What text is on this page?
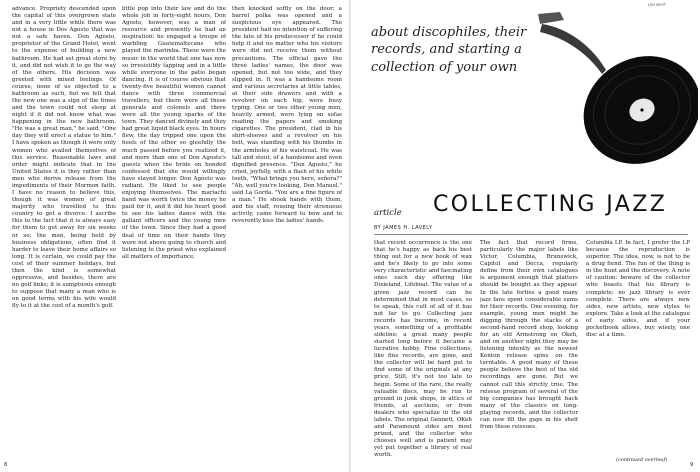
advance. Propriety descended upon the capital of this overgrown state and in a very little while there was not a house in Dos Agosto that was not a safe haven. Don Agosto, proprietor of the Grand Hotel, went to the expense of building a new bathroom. He had set great store by it, and did not wish it to go the way of the others. His decision was greeted with mixed feelings. Of course, none of us objected to a bathroom as such, but we felt that the new one was a sign of the times and the town could not sleep at night if it did not know what was happening in the new bathroom. "He was a great man," he said. "One day they will erect a statue to him." I have spoken as though it were only women who availed themselves of this service. Reasonable laws and order might indicate that in the United States it is they rather than men who derive release from the impediments of their Mormon faith. I have no reason to believe this, though it was women of great majority who travelled to this country to get a divorce. I ascribe this to the fact that it is always easy for them to get away for six weeks or so; the men, being held by business obligations, often find it harder to leave their home affairs so long. It is certain, we could pay the cost of their summer holidays, but then the kind is somewhat oppressive, and besides, there are no golf links; it is sumptuous enough to suppose that many a man who is on good terms with his wife would fly to it at the cost of a month's golf.

little pop into their law and do the whole job in forty-eight hours, Don Agosto, however, was a man of resource and presently he had an inspiration: he engaged a troupe of warbling Guatemaltecans who played the marimba. These were the music in the world that one has now so irresistibly tapping and in a little while everyone in the patio began dancing. It is of course obvious that twenty-five beautiful women cannot dance with three commercial travellers, but there were all these generals and colonels and there were all the young sparks of the town. They danced divinely and they had great liquid black eyes. In hours flew, the day tripped one upon the heels of the other so gleefully the much passed before you realized it, and more than one of Don Agosto's guests when the bride on bonded confessed that she would willingly have stayed longer. Don Agosto was radiant. He liked to see people enjoying themselves. The mariachi band was worth twice the money he paid for it, and it did his heart good to see his ladies dance with the gallant officers and the young men of the town. Since they had a good deal of time on their hands they were not above going to church and listening to the priest who explained all matters of importance.

then knocked softly on the door; a barrel polka was opened and a suspicious eye appeared. The president had no intention of suffering the fate of his predecessor if he could help it and no matter who his visitors were did not receive them without precautions. The official gave the three ladies' names, the door was opened, but not too wide, and they slipped in. It was a handsome room and various secretaries at little tables, at their side drawers and with a revolver on each hip, were busy typing. One or two other young men, heavily armed, were lying on sofas reading the papers and smoking cigarettes. The president, clad in his shirt-sleeves and a revolver on his belt, was standing with his thumbs in the armholes of his waistcoat. He was tall and stout, of a handsome and even dignified presence. "Don Agosto," he cried, joyfully, with a flash of his white teeth, "What brings you here, señora?" "Ah, well you're looking, Don Manuel," said La Gorda. "You are a fine figure of a man." He shook hands with them, and his staff, rousing their strenuous activity, came forward to bow and to reverently kiss the ladies' hands.

8
about discophiles, their records, and starting a collection of your own
LEN WEST
article COLLECTING JAZZ
BY JAMES H. LAVELY

that recent occurrence is the one that he's happy as back his best thing out for a new book of wax and he's likely to go into some very characteristic and fascinating ones each day offering like Dixieland, Lifeboat. The value of a given jazz record can be determined that in most cases, so to speak, this cult of all of it has not far to go. Collecting jazz records has become, in recent years, something of a profitable sideline; a great many people started long before it became a lucrative hobby. Fine collections, like fine records, are gone, and the collector will be hard put to find some of the originals at any price. Still, it's not too late to begin. Some of the rare, the really valuable discs, may be run to ground in junk shops, in attics of friends, at auctions, or from dealers who specialize in the old labels. The original Gennett, OKeh and Paramount sides are most prized, and the collector who chooses well and is patient may yet put together a library of real worth.

The fact that record firms, particularly the major labels like Victor, Columbia, Brunswick, Capitol and Decca, regularly define from their own catalogues is argument enough that platters should be bought as they appear. In the late forties a good many jazz fans spent considerable sums for their records. One evening, for example, young men might be digging through the stacks of a second-hand record shop, looking for an old Armstrong on Okeh, and on another night they may be listening intently as the newest Kenton release spins on the turntable. A good many of these people believe the best of the old recordings are gone. But we cannot call this strictly true. The reissue program of several of the big companies has brought back many of the classics on long-playing records, and the collector can now fill the gaps in his shelf from these reissues.

Columbia LP. In fact, I prefer the LP because the reproduction is superior. The idea, now, is not to be a drug fiend. The fun of the thing is in the hunt and the discovery. A note of caution: beware of the collector who boasts that his library is complete; no jazz library is ever complete. There are always new sides, new artists, new styles to explore. Take a look at the catalogue of early sides, and if your pocketbook allows, buy wisely, one disc at a time.

(continued overleaf)
9
